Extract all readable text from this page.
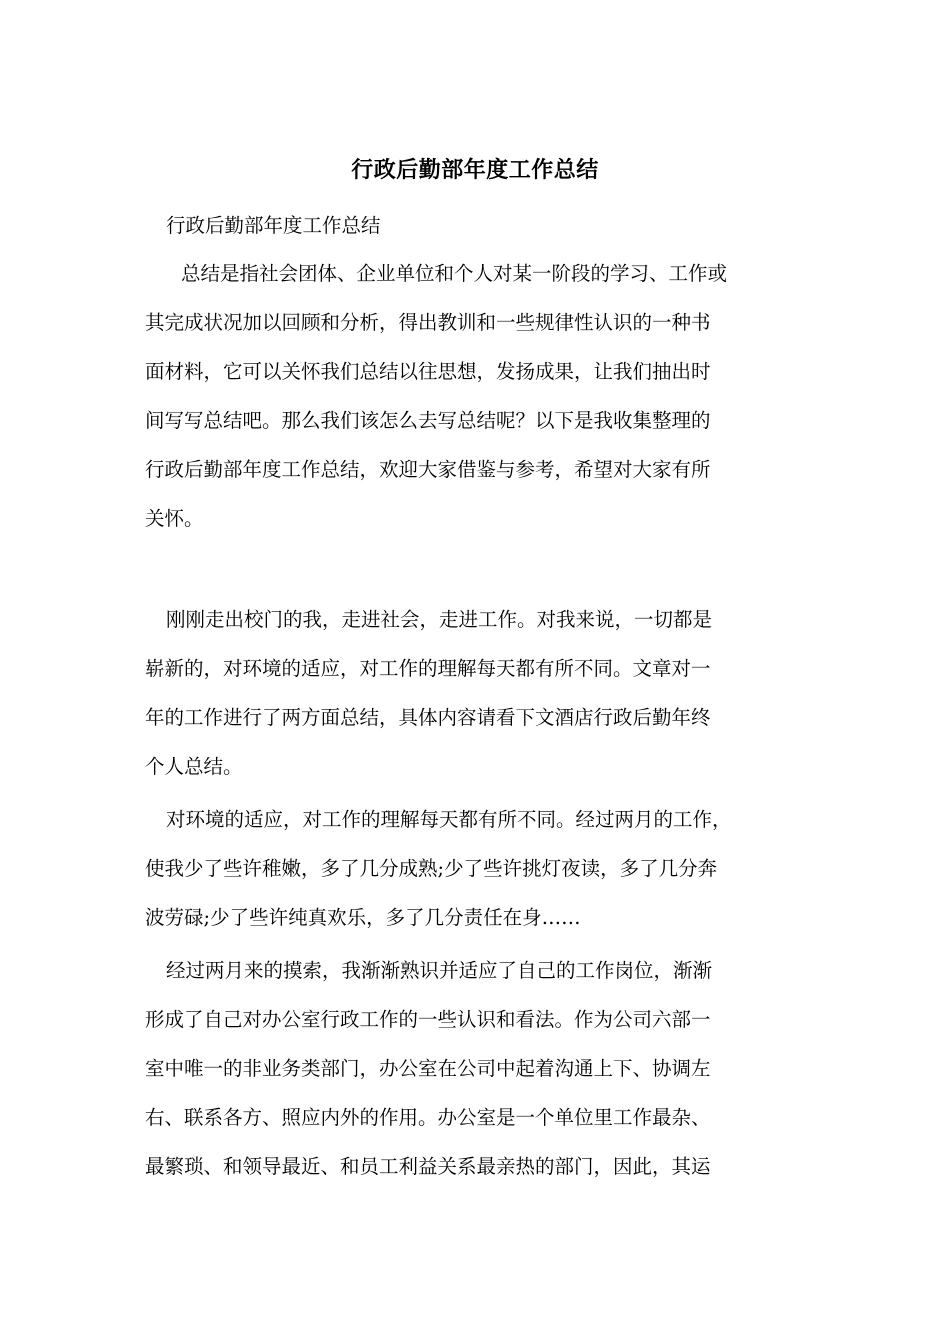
行政后勤部年度工作总结
行政后勤部年度工作总结
总结是指社会团体、企业单位和个人对某一阶段的学习、工作或
其完成状况加以回顾和分析，得出教训和一些规律性认识的一种书
面材料，它可以关怀我们总结以往思想，发扬成果，让我们抽出时
间写写总结吧。那么我们该怎么去写总结呢？以下是我收集整理的
行政后勤部年度工作总结，欢迎大家借鉴与参考，希望对大家有所
关怀。
刚刚走出校门的我，走进社会，走进工作。对我来说，一切都是
崭新的，对环境的适应，对工作的理解每天都有所不同。文章对一
年的工作进行了两方面总结，具体内容请看下文酒店行政后勤年终
个人总结。
对环境的适应，对工作的理解每天都有所不同。经过两月的工作，
使我少了些许稚嫩，多了几分成熟;少了些许挑灯夜读，多了几分奔
波劳碌;少了些许纯真欢乐，多了几分责任在身……
经过两月来的摸索，我渐渐熟识并适应了自己的工作岗位，渐渐
形成了自己对办公室行政工作的一些认识和看法。作为公司六部一
室中唯一的非业务类部门，办公室在公司中起着沟通上下、协调左
右、联系各方、照应内外的作用。办公室是一个单位里工作最杂、
最繁琐、和领导最近、和员工利益关系最亲热的部门，因此，其运
